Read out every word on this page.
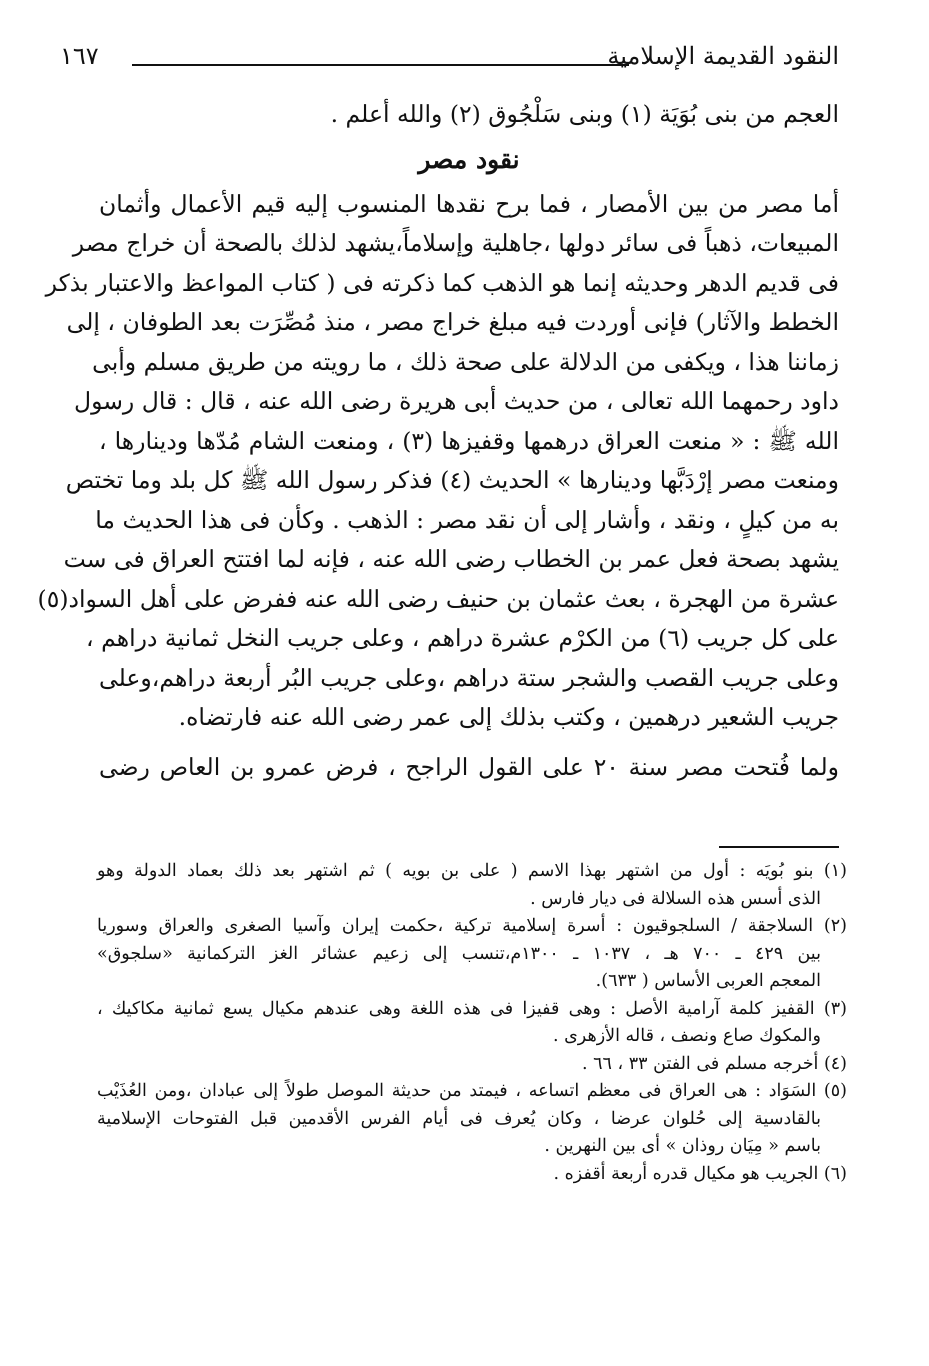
النقود القديمة الإسلامية
١٦٧
العجم من بنى بُوَيَة (١) وبنى سَلْجُوق (٢) والله أعلم .
نقود مصر
أما مصر من بين الأمصار ، فما برح نقدها المنسوب إليه قيم الأعمال وأثمان
المبيعات، ذهباً فى سائر دولها ،جاهلية وإسلاماً،يشهد لذلك بالصحة أن خراج مصر
فى قديم الدهر وحديثه إنما هو الذهب كما ذكرته فى ( كتاب المواعظ والاعتبار بذكر
الخطط والآثار) فإنى أوردت فيه مبلغ خراج مصر ، منذ مُصِّرَت بعد الطوفان ، إلى
زماننا هذا ، ويكفى من الدلالة على صحة ذلك ، ما رويته من طريق مسلم وأبى
داود رحمهما الله تعالى ، من حديث أبى هريرة رضى الله عنه ، قال : قال رسول
الله ﷺ : « منعت العراق درهمها وقفيزها (٣) ، ومنعت الشام مُدّها ودينارها ،
ومنعت مصر إرْدَبَّها ودينارها » الحديث (٤) فذكر رسول الله ﷺ كل بلد وما تختص
به من كيلٍ ، ونقد ، وأشار إلى أن نقد مصر : الذهب . وكأن فى هذا الحديث ما
يشهد بصحة فعل عمر بن الخطاب رضى الله عنه ، فإنه لما افتتح العراق فى ست
عشرة من الهجرة ، بعث عثمان بن حنيف رضى الله عنه ففرض على أهل السواد(٥)
على كل جريب (٦) من الكرْم عشرة دراهم ، وعلى جريب النخل ثمانية دراهم ،
وعلى جريب القصب والشجر ستة دراهم ،وعلى جريب البُر أربعة دراهم،وعلى
جريب الشعير درهمين ، وكتب بذلك إلى عمر رضى الله عنه فارتضاه.
ولما فُتحت مصر سنة ٢٠ على القول الراجح ، فرض عمرو بن العاص رضى
(١) بنو بُويَه : أول من اشتهر بهذا الاسم ( على بن بويه ) ثم اشتهر بعد ذلك بعماد الدولة وهو
الذى أسس هذه السلالة فى ديار فارس .
(٢) السلاجقة / السلجوقيون : أسرة إسلامية تركية ،حكمت إيران وآسيا الصغرى والعراق وسوريا
بين ٤٢٩ ـ ٧٠٠ هـ ، ١٠٣٧ ـ ١٣٠٠م،تنسب إلى زعيم عشائر الغز التركمانية «سلجوق»
المعجم العربى الأساس ( ٦٣٣).
(٣) القفيز كلمة آرامية الأصل : وهى قفيزا فى هذه اللغة وهى عندهم مكيال يسع ثمانية مكاكيك ،
والمكوك صاع ونصف ، قاله الأزهرى .
(٤) أخرجه مسلم فى الفتن ٣٣ ، ٦٦ .
(٥) السَوَاد : هى العراق فى معظم اتساعه ، فيمتد من حديثة الموصل طولاً إلى عبادان ،ومن العُذَيْب
بالقادسية إلى حُلوان عرضا ، وكان يُعرف فى أيام الفرس الأقدمين قبل الفتوحات الإسلامية
باسم « مِيَان روذان » أى بين النهرين .
(٦) الجريب هو مكيال قدره أربعة أقفزه .
